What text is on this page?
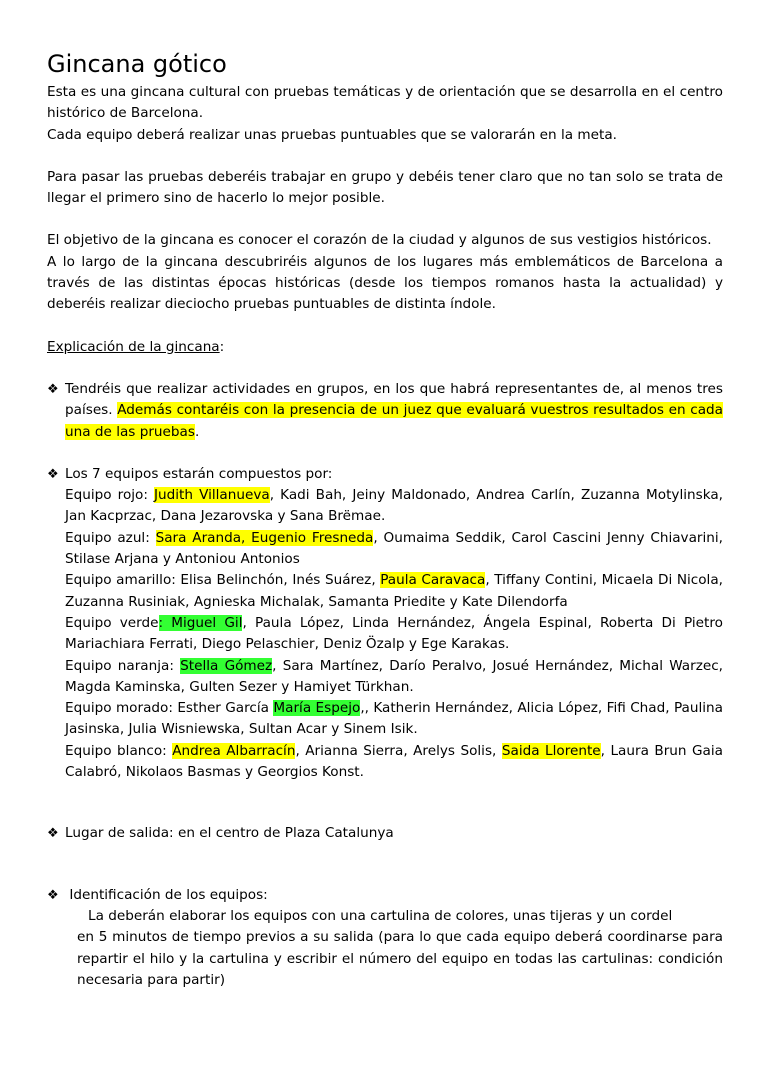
Gincana gótico

Esta es una gincana cultural con pruebas temáticas y de orientación que se desarrolla en el centro histórico de Barcelona.

Cada equipo deberá realizar unas pruebas puntuables que se valorarán en la meta.

Para pasar las pruebas deberéis trabajar en grupo y debéis tener claro que no tan solo se trata de llegar el primero sino de hacerlo lo mejor posible.

El objetivo de la gincana es conocer el corazón de la ciudad y algunos de sus vestigios históricos.

A lo largo de la gincana descubriréis algunos de los lugares más emblemáticos de Barcelona a través de las distintas épocas históricas (desde los tiempos romanos hasta la actualidad) y deberéis realizar dieciocho pruebas puntuables de distinta índole.

Explicación de la gincana:

❖ Tendréis que realizar actividades en grupos, en los que habrá representantes de, al menos tres países. Además contaréis con la presencia de un juez que evaluará vuestros resultados en cada una de las pruebas.

❖ Los 7 equipos estarán compuestos por:

Equipo rojo: Judith Villanueva, Kadi Bah, Jeiny Maldonado, Andrea Carlín, Zuzanna Motylinska, Jan Kacprzac, Dana Jezarovska y Sana Brëmae.

Equipo azul: Sara Aranda, Eugenio Fresneda, Oumaima Seddik, Carol Cascini Jenny Chiavarini, Stilase Arjana y Antoniou Antonios

Equipo amarillo: Elisa Belinchón, Inés Suárez, Paula Caravaca, Tiffany Contini, Micaela Di Nicola, Zuzanna Rusiniak, Agnieska Michalak, Samanta Priedite y Kate Dilendorfa

Equipo verde: Miguel Gil, Paula López, Linda Hernández, Ángela Espinal, Roberta Di Pietro Mariachiara Ferrati, Diego Pelaschier, Deniz Özalp y Ege Karakas.

Equipo naranja: Stella Gómez, Sara Martínez, Darío Peralvo, Josué Hernández, Michal Warzec, Magda Kaminska, Gulten Sezer y Hamiyet Türkhan.

Equipo morado: Esther García María Espejo,, Katherin Hernández, Alicia López, Fifi Chad, Paulina Jasinska, Julia Wisniewska, Sultan Acar y Sinem Isik.

Equipo blanco: Andrea Albarracín, Arianna Sierra, Arelys Solis, Saida Llorente, Laura Brun Gaia Calabró, Nikolaos Basmas y Georgios Konst.

❖ Lugar de salida: en el centro de Plaza Catalunya

❖ Identificación de los equipos:

La deberán elaborar los equipos con una cartulina de colores, unas tijeras y un cordel

en 5 minutos de tiempo previos a su salida (para lo que cada equipo deberá coordinarse para repartir el hilo y la cartulina y escribir el número del equipo en todas las cartulinas: condición necesaria para partir)
